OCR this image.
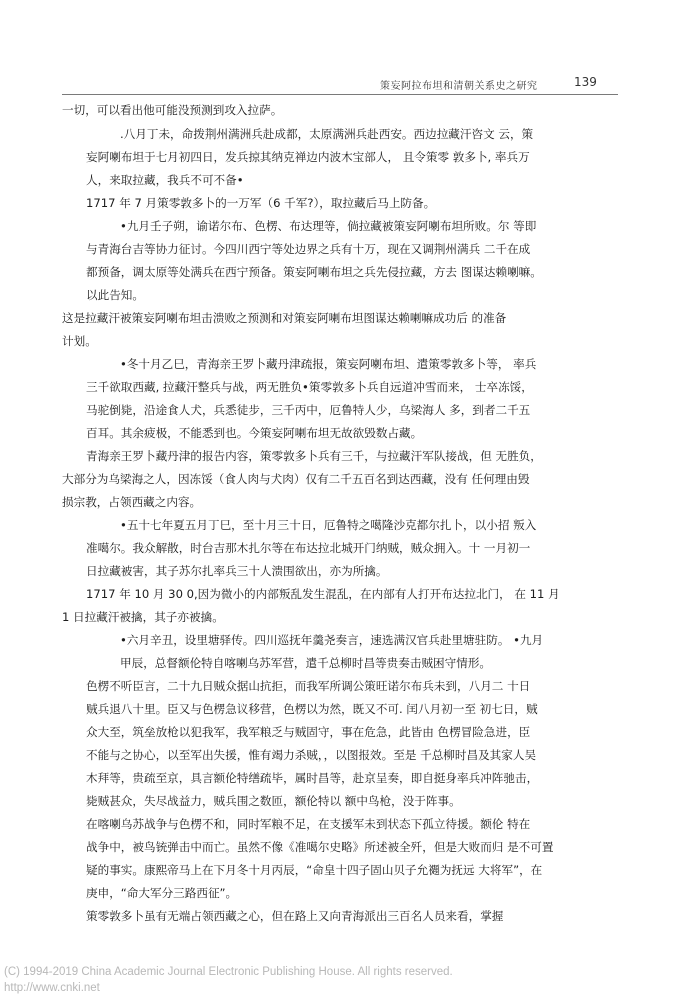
策妄阿拉布坦和清朝关系史之研究	139
一切，可以看出他可能没预测到攻入拉萨。
.八月丁未，命拨荆州满洲兵赴成都，太原满洲兵赴西安。西边拉藏汗咨文 云，策
妄阿喇布坦于七月初四日，发兵掠其纳克禅边内波木宝部人， 且令策零 敦多卜, 率兵万
人，来取拉藏，我兵不可不备•
1717 年 7 月策零敦多卜的一万军（6 千军?），取拉藏后马上防备。
•九月壬子朔，谕诺尔布、色楞、布达理等，倘拉藏被策妄阿喇布坦所败。尔 等即
与青海台吉等协力征讨。今四川西宁等处边界之兵有十万，现在又调荆州满兵 二千在成
都预备，调太原等处满兵在西宁预备。策妄阿喇布坦之兵先侵拉藏，方去 图谋达赖喇嘛。
以此告知。
这是拉藏汗被策妄阿喇布坦击溃败之预测和对策妄阿喇布坦图谋达赖喇嘛成功后 的准备
计划。
•冬十月乙巳，青海亲王罗卜藏丹津疏报，策妄阿喇布坦、遣策零敦多卜等， 率兵
三千欲取西藏, 拉藏汗整兵与战，两无胜负•策零敦多卜兵自远道冲雪而来， 士卒冻馁，
马驼倒毙，沿途食人犬，兵悉徒步，三千丙中，厄鲁特人少，乌梁海人 多，到者二千五
百耳。其余疲极，不能悉到也。今策妄阿喇布坦无故欲毁数占藏。
青海亲王罗卜藏丹津的报告内容，策零敦多卜兵有三千，与拉藏汗军队接战，但 无胜负，
大部分为乌梁海之人，因冻馁（食人肉与犬肉）仅有二千五百名到达西藏，没有 任何理由毁
损宗教，占领西藏之内容。
•五十七年夏五月丁巳，至十月三十日，厄鲁特之噶隆沙克都尔扎卜，以小招 叛入
准噶尔。我众解散，时台吉那木扎尔等在布达拉北城开门纳贼，贼众拥入。十 一月初一
日拉藏被害，其子苏尔扎率兵三十人溃围欲出，亦为所擒。
1717 年 10 月 30 0,因为微小的内部叛乱发生混乱，在内部有人打开布达拉北门， 在 11 月
1 日拉藏汗被擒，其子亦被擒。
•六月辛丑，设里塘驿传。四川巡抚年羹尧奏言，速选满汉官兵赴里塘驻防。 •九月
甲辰，总督额伦特自喀喇乌苏军营，遣千总柳时昌等贵奏击贼困守情形。
色楞不听臣言，二十九日贼众据山抗拒，而我军所调公策旺诺尔布兵未到，八月二 十日
贼兵退八十里。臣又与色楞急议移营，色楞以为然，既又不可. 闰八月初一至 初七日，贼
众大至，筑垒放枪以犯我军，我军粮乏与贼固守，事在危急，此皆由 色楞冒险急进，臣
不能与之协心，以至军出失援，惟有竭力杀贼，，以图报效。至是 千总柳时昌及其家人吴
木拜等，贵疏至京，具言额伦特缮疏毕，属时昌等，赴京呈奏，即自挺身率兵冲阵驰击，
毙贼甚众，失尽战益力，贼兵围之数匝，额伦特以 额中鸟枪，没于阵事。
在喀喇乌苏战争与色楞不和，同时军粮不足，在支援军未到状态下孤立待援。额伦 特在
战争中，被鸟铳弹击中而亡。虽然不像《准噶尔史略》所述被全歼，但是大败而归 是不可置
疑的事实。康熙帝马上在下月冬十月丙辰，“命皇十四子固山贝子允禵为抚远 大将军”，在
庚申，“命大军分三路西征”。
策零敦多卜虽有无端占领西藏之心，但在路上又向青海派出三百名人员来看，掌握
(C) 1994-2019 China Academic Journal Electronic Publishing House. All rights reserved.
http://www.cnki.net
